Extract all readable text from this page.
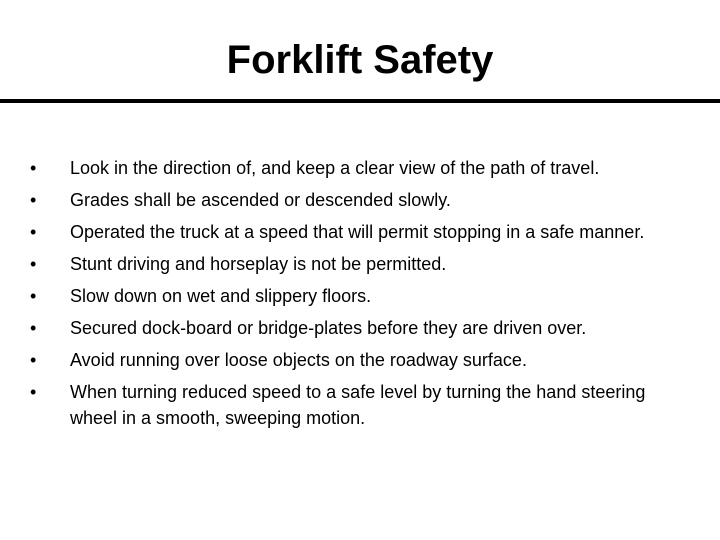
Forklift Safety
•	Look in the direction of, and keep a clear view of the path of travel.
•	Grades shall be ascended or descended slowly.
•	Operated the truck at a speed that will permit stopping in a safe manner.
•	Stunt driving and horseplay is not be permitted.
•	Slow down on wet and slippery floors.
•	Secured dock-board or bridge-plates before they are driven over.
•	Avoid running over loose objects on the roadway surface.
•	When turning reduced speed to a safe level by turning the hand steering wheel in a smooth, sweeping motion.
